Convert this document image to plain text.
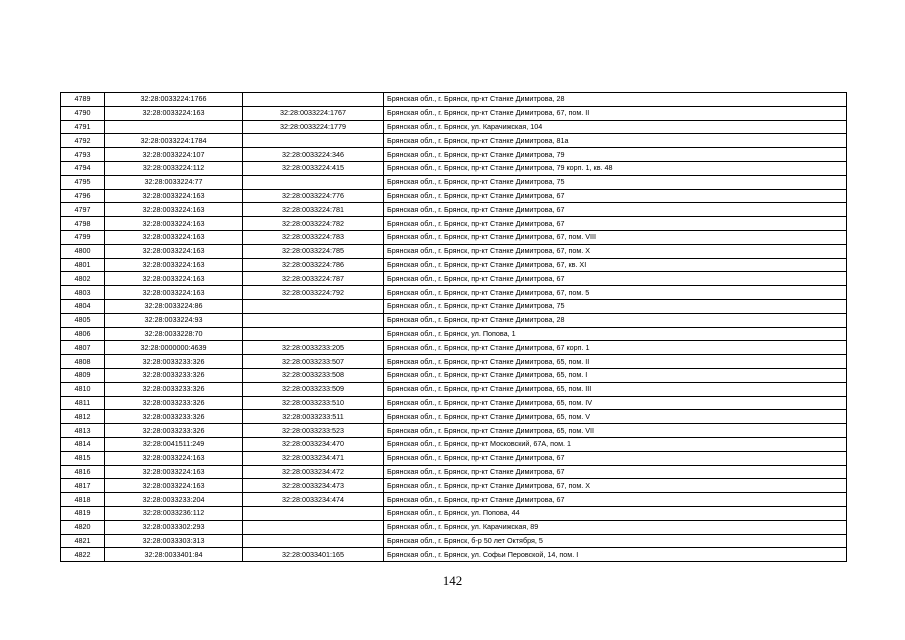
4789	32:28:0033224:1766		Брянская обл., г. Брянск, пр-кт Станке Димитрова, 28
4790	32:28:0033224:163	32:28:0033224:1767	Брянская обл., г. Брянск, пр-кт Станке Димитрова, 67, пом. II
4791		32:28:0033224:1779	Брянская обл., г. Брянск, ул. Карачижская, 104
4792	32:28:0033224:1784		Брянская обл., г. Брянск, пр-кт Станке Димитрова, 81а
4793	32:28:0033224:107	32:28:0033224:346	Брянская обл., г. Брянск, пр-кт Станке Димитрова, 79
4794	32:28:0033224:112	32:28:0033224:415	Брянская обл., г. Брянск, пр-кт Станке Димитрова, 79 корп. 1, кв. 48
4795	32:28:0033224:77		Брянская обл., г. Брянск, пр-кт Станке Димитрова, 75
4796	32:28:0033224:163	32:28:0033224:776	Брянская обл., г. Брянск, пр-кт Станке Димитрова, 67
4797	32:28:0033224:163	32:28:0033224:781	Брянская обл., г. Брянск, пр-кт Станке Димитрова, 67
4798	32:28:0033224:163	32:28:0033224:782	Брянская обл., г. Брянск, пр-кт Станке Димитрова, 67
4799	32:28:0033224:163	32:28:0033224:783	Брянская обл., г. Брянск, пр-кт Станке Димитрова, 67, пом. VIII
4800	32:28:0033224:163	32:28:0033224:785	Брянская обл., г. Брянск, пр-кт Станке Димитрова, 67, пом. X
4801	32:28:0033224:163	32:28:0033224:786	Брянская обл., г. Брянск, пр-кт Станке Димитрова, 67, кв. XI
4802	32:28:0033224:163	32:28:0033224:787	Брянская обл., г. Брянск, пр-кт Станке Димитрова, 67
4803	32:28:0033224:163	32:28:0033224:792	Брянская обл., г. Брянск, пр-кт Станке Димитрова, 67, пом. 5
4804	32:28:0033224:86		Брянская обл., г. Брянск, пр-кт Станке Димитрова, 75
4805	32:28:0033224:93		Брянская обл., г. Брянск, пр-кт Станке Димитрова, 28
4806	32:28:0033228:70		Брянская обл., г. Брянск, ул. Попова, 1
4807	32:28:0000000:4639	32:28:0033233:205	Брянская обл., г. Брянск, пр-кт Станке Димитрова, 67 корп. 1
4808	32:28:0033233:326	32:28:0033233:507	Брянская обл., г. Брянск, пр-кт Станке Димитрова, 65, пом. II
4809	32:28:0033233:326	32:28:0033233:508	Брянская обл., г. Брянск, пр-кт Станке Димитрова, 65, пом. I
4810	32:28:0033233:326	32:28:0033233:509	Брянская обл., г. Брянск, пр-кт Станке Димитрова, 65, пом. III
4811	32:28:0033233:326	32:28:0033233:510	Брянская обл., г. Брянск, пр-кт Станке Димитрова, 65, пом. IV
4812	32:28:0033233:326	32:28:0033233:511	Брянская обл., г. Брянск, пр-кт Станке Димитрова, 65, пом. V
4813	32:28:0033233:326	32:28:0033233:523	Брянская обл., г. Брянск, пр-кт Станке Димитрова, 65, пом. VII
4814	32:28:0041511:249	32:28:0033234:470	Брянская обл., г. Брянск, пр-кт Московский, 67А, пом. 1
4815	32:28:0033224:163	32:28:0033234:471	Брянская обл., г. Брянск, пр-кт Станке Димитрова, 67
4816	32:28:0033224:163	32:28:0033234:472	Брянская обл., г. Брянск, пр-кт Станке Димитрова, 67
4817	32:28:0033224:163	32:28:0033234:473	Брянская обл., г. Брянск, пр-кт Станке Димитрова, 67, пом. X
4818	32:28:0033233:204	32:28:0033234:474	Брянская обл., г. Брянск, пр-кт Станке Димитрова, 67
4819	32:28:0033236:112		Брянская обл., г. Брянск, ул. Попова, 44
4820	32:28:0033302:293		Брянская обл., г. Брянск, ул. Карачижская, 89
4821	32:28:0033303:313		Брянская обл., г. Брянск, б-р 50 лет Октября, 5
4822	32:28:0033401:84	32:28:0033401:165	Брянская обл., г. Брянск, ул. Софьи Перовской, 14, пом. I
142
